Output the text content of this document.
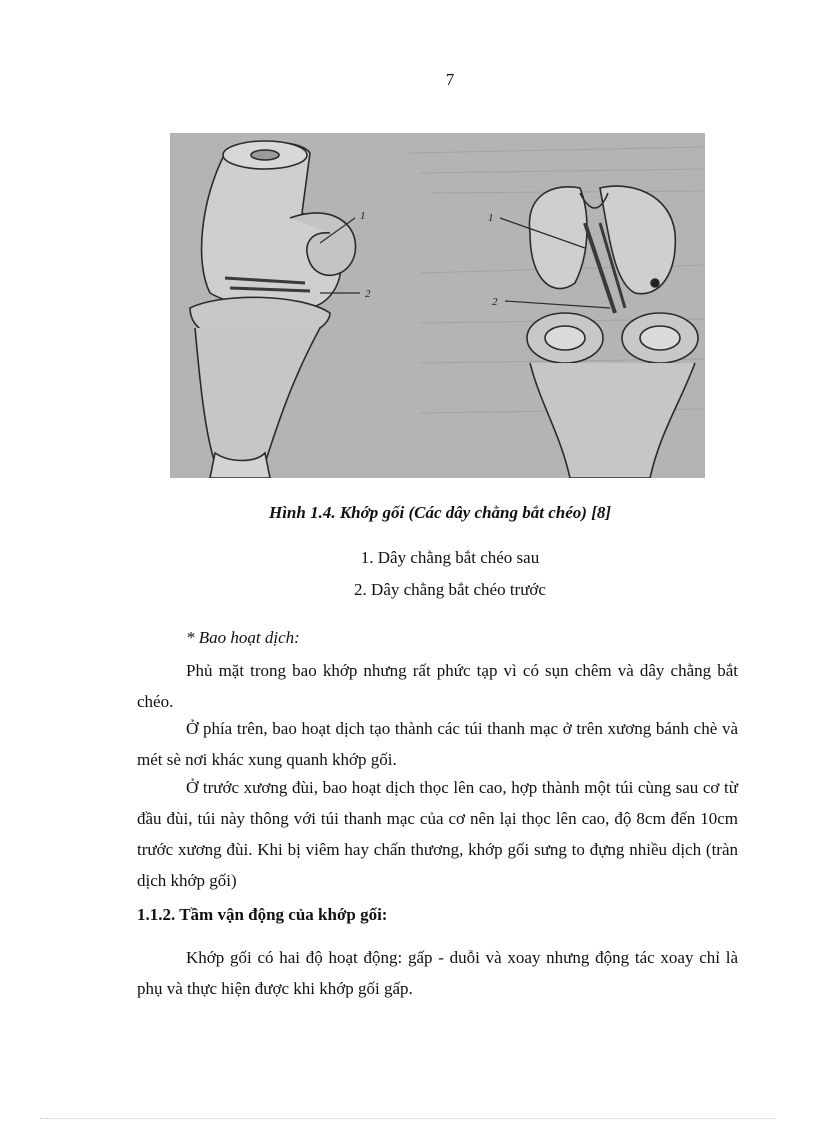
7
1
2
1
2
Hình 1.4. Khớp gối (Các dây chằng bắt chéo) [8]
1. Dây chằng bắt chéo sau
2. Dây chằng bắt chéo trước
* Bao hoạt dịch:

Phủ mặt trong bao khớp nhưng rất phức tạp vì có sụn chêm và dây chằng bắt chéo.

Ở phía trên, bao hoạt dịch tạo thành các túi thanh mạc ở trên xương bánh chè và mét sè nơi khác xung quanh khớp gối.

Ở trước xương đùi, bao hoạt dịch thọc lên cao, hợp thành một túi cùng sau cơ từ đầu đùi, túi này thông với túi thanh mạc của cơ nên lại thọc lên cao, độ 8cm đến 10cm trước xương đùi. Khi bị viêm hay chấn thương, khớp gối sưng to đựng nhiều dịch (tràn dịch khớp gối)

1.1.2. Tầm vận động của khớp gối:

Khớp gối có hai độ hoạt động: gấp - duỗi và xoay nhưng động tác xoay chỉ là phụ và thực hiện được khi khớp gối gấp.
